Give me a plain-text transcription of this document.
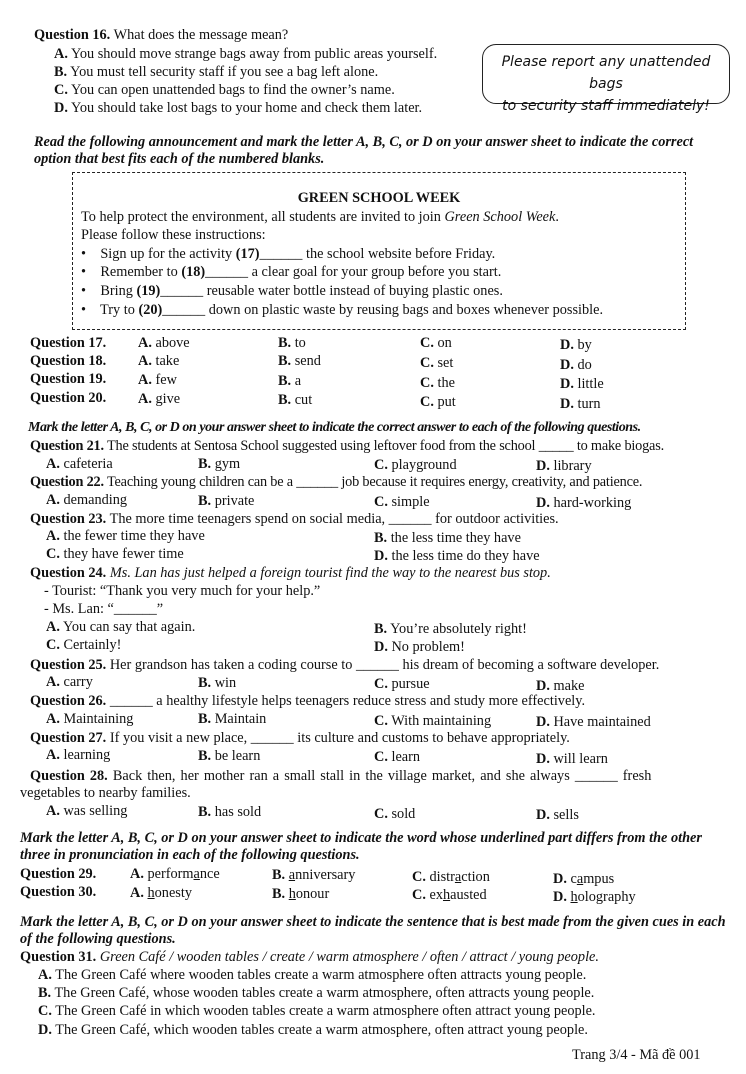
Question 16. What does the message mean?
A. You should move strange bags away from public areas yourself.
B. You must tell security staff if you see a bag left alone.
C. You can open unattended bags to find the owner’s name.
D. You should take lost bags to your home and check them later.
Please report any unattended bags
to security staff immediately!
Read the following announcement and mark the letter A, B, C, or D on your answer sheet to indicate the correct option that best fits each of the numbered blanks.
GREEN SCHOOL WEEK
To help protect the environment, all students are invited to join Green School Week.
Please follow these instructions:
•    Sign up for the activity (17)______ the school website before Friday.
•    Remember to (18)______ a clear goal for your group before you start.
•    Bring (19)______ reusable water bottle instead of buying plastic ones.
•    Try to (20)______ down on plastic waste by reusing bags and boxes whenever possible.
Question 17. A. above	B. to	C. on	D. by
Question 18. A. take	B. send	C. set	D. do
Question 19. A. few	B. a	C. the	D. little
Question 20. A. give	B. cut	C. put	D. turn
Mark the letter A, B, C, or D on your answer sheet to indicate the correct answer to each of the following questions.
Question 21. The students at Sentosa School suggested using leftover food from the school _____ to make biogas.
A. cafeteria	B. gym	C. playground	D. library
Question 22. Teaching young children can be a ______ job because it requires energy, creativity, and patience.
A. demanding	B. private	C. simple	D. hard-working
Question 23. The more time teenagers spend on social media, ______ for outdoor activities.
A. the fewer time they have	B. the less time they have
C. they have fewer time	D. the less time do they have
Question 24. Ms. Lan has just helped a foreign tourist find the way to the nearest bus stop.
- Tourist: “Thank you very much for your help.”
- Ms. Lan: “______”
A. You can say that again.	B. You’re absolutely right!
C. Certainly!	D. No problem!
Question 25. Her grandson has taken a coding course to ______ his dream of becoming a software developer.
A. carry	B. win	C. pursue	D. make
Question 26. ______ a healthy lifestyle helps teenagers reduce stress and study more effectively.
A. Maintaining	B. Maintain	C. With maintaining	D. Have maintained
Question 27. If you visit a new place, ______ its culture and customs to behave appropriately.
A. learning	B. be learn	C. learn	D. will learn
Question 28. Back then, her mother ran a small stall in the village market, and she always ______ fresh
vegetables to nearby families.
A. was selling	B. has sold	C. sold	D. sells
Mark the letter A, B, C, or D on your answer sheet to indicate the word whose underlined part differs from the other three in pronunciation in each of the following questions.
Question 29. A. performance	B. anniversary	C. distraction	D. campus
Question 30. A. honesty	B. honour	C. exhausted	D. holography
Mark the letter A, B, C, or D on your answer sheet to indicate the sentence that is best made from the given cues in each of the following questions.
Question 31. Green Café / wooden tables / create / warm atmosphere / often / attract / young people.
A. The Green Café where wooden tables create a warm atmosphere often attracts young people.
B. The Green Café, whose wooden tables create a warm atmosphere, often attracts young people.
C. The Green Café in which wooden tables create a warm atmosphere often attract young people.
D. The Green Café, which wooden tables create a warm atmosphere, often attract young people.
Trang 3/4 - Mã đề 001
